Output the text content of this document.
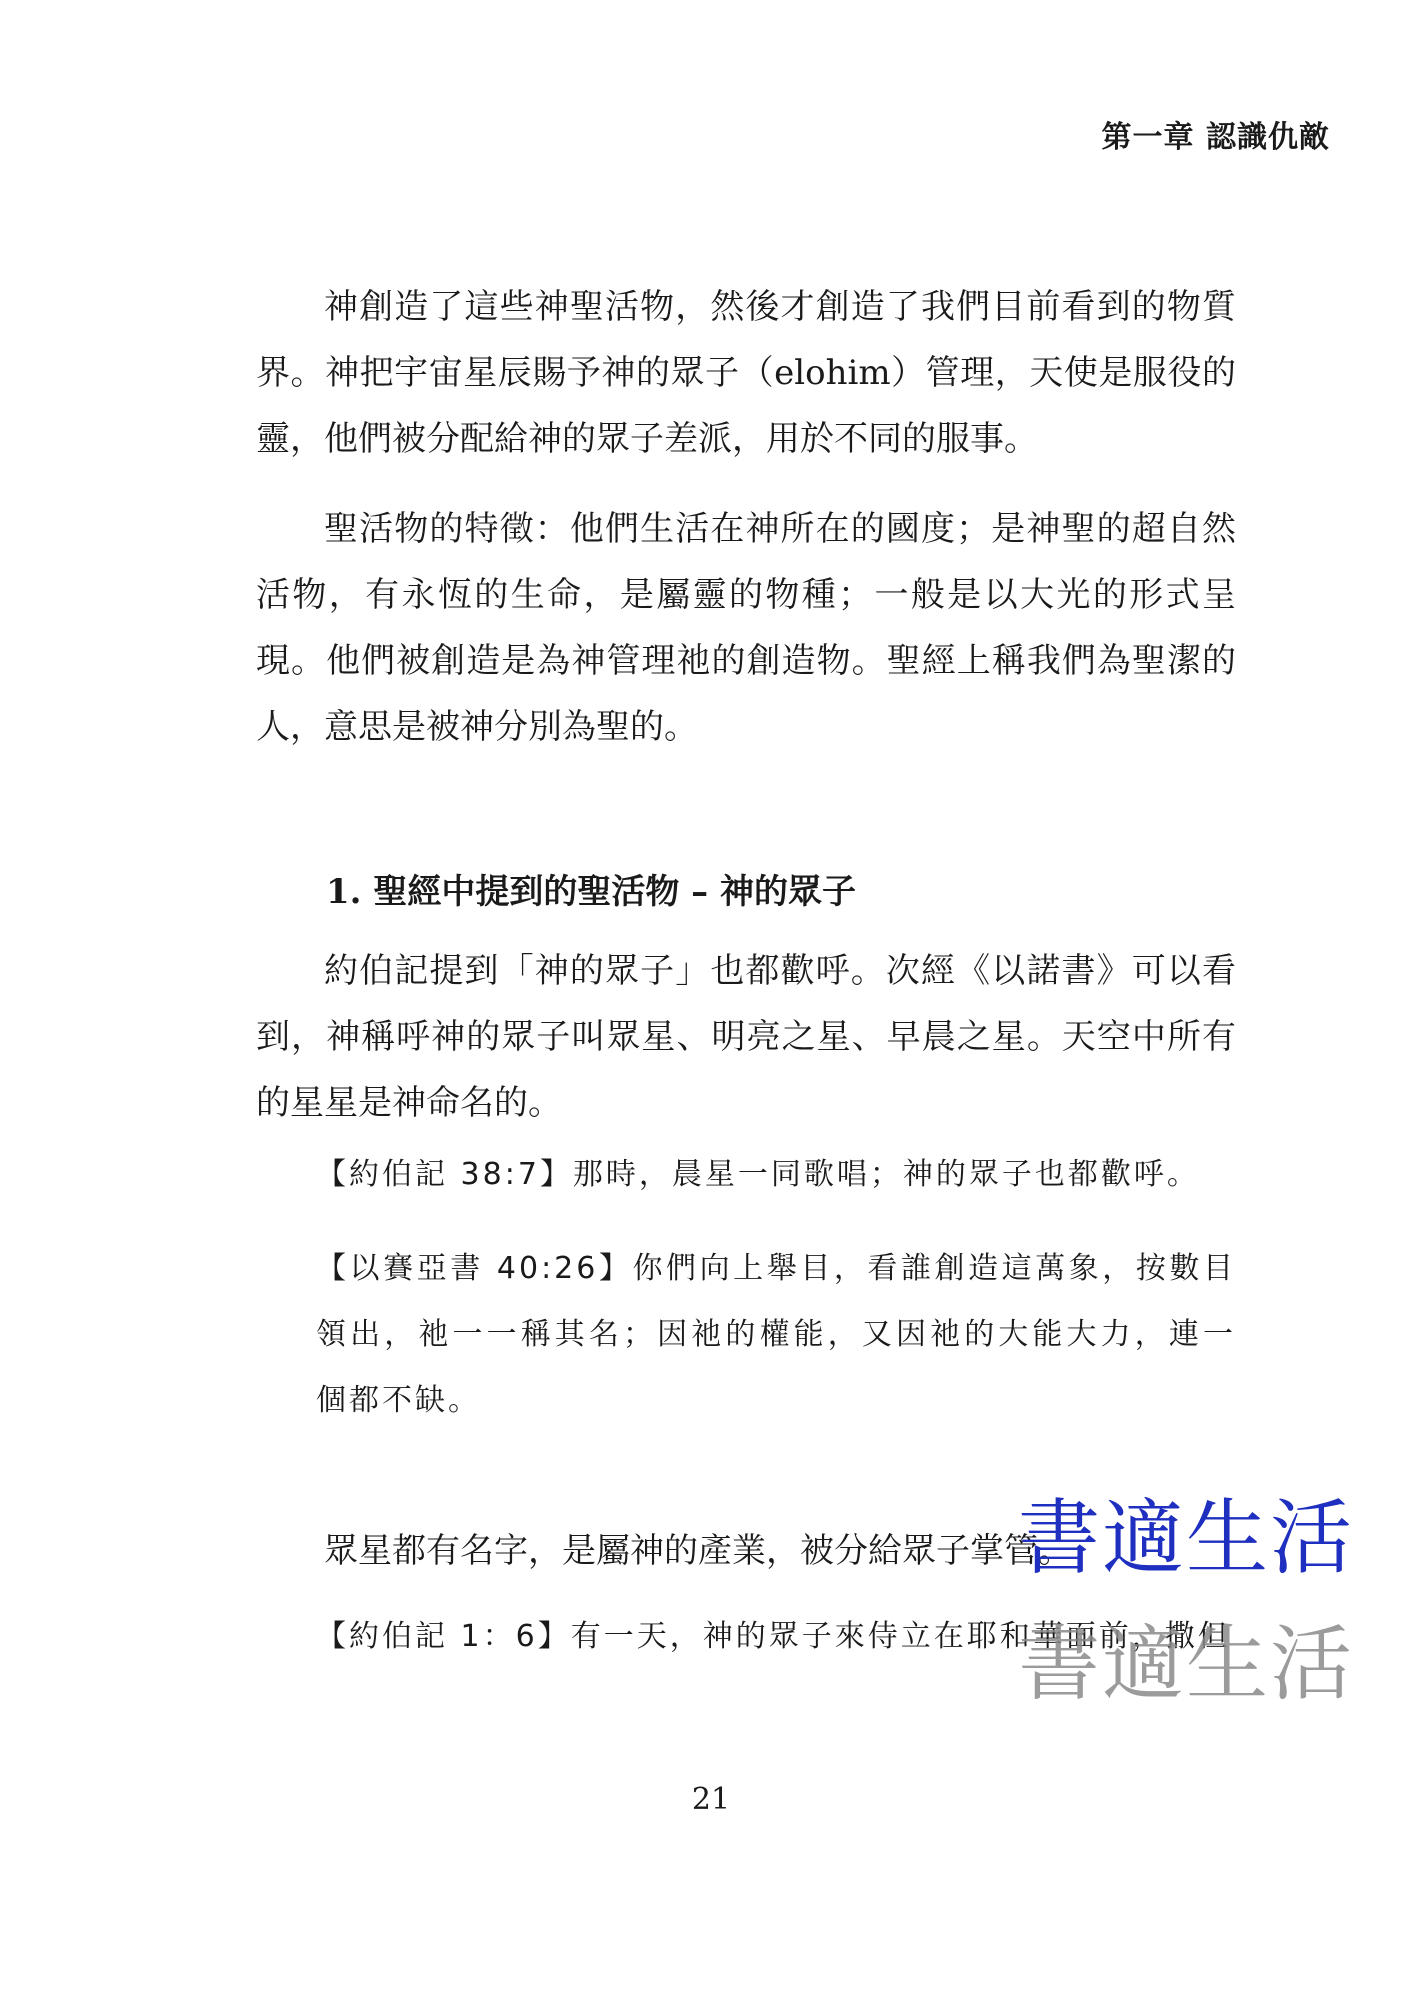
第一章 認識仇敵

神創造了這些神聖活物，然後才創造了我們目前看到的物質界。神把宇宙星辰賜予神的眾子（elohim）管理，天使是服役的靈，他們被分配給神的眾子差派，用於不同的服事。

聖活物的特徵：他們生活在神所在的國度；是神聖的超自然活物，有永恆的生命，是屬靈的物種；一般是以大光的形式呈現。他們被創造是為神管理祂的創造物。聖經上稱我們為聖潔的人，意思是被神分別為聖的。

1. 聖經中提到的聖活物 – 神的眾子

約伯記提到「神的眾子」也都歡呼。次經《以諾書》可以看到，神稱呼神的眾子叫眾星、明亮之星、早晨之星。天空中所有的星星是神命名的。

【約伯記 38:7】那時，晨星一同歌唱；神的眾子也都歡呼。

【以賽亞書 40:26】你們向上舉目，看誰創造這萬象，按數目領出，祂一一稱其名；因祂的權能，又因祂的大能大力，連一個都不缺。

眾星都有名字，是屬神的產業，被分給眾子掌管。

【約伯記 1：6】有一天，神的眾子來侍立在耶和華面前，撒但

書適生活
書適生活
21
